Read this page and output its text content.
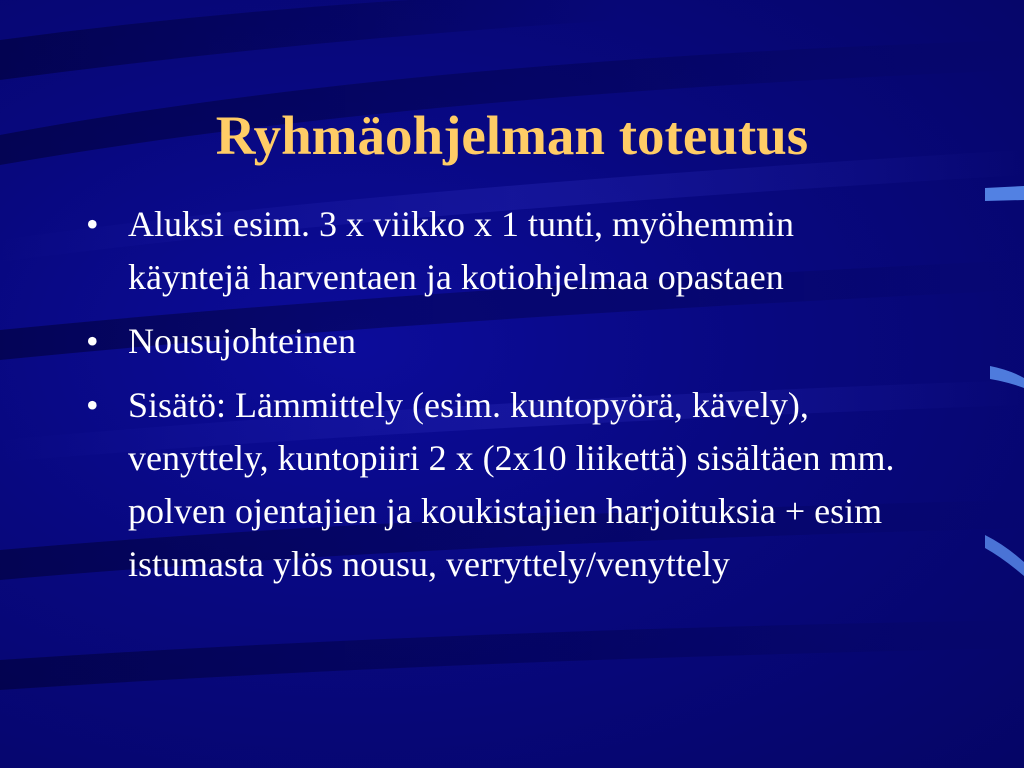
Ryhmäohjelman toteutus
• Aluksi esim. 3 x viikko x 1 tunti, myöhemmin käyntejä harventaen ja kotiohjelmaa opastaen
• Nousujohteinen
• Sisätö: Lämmittely (esim. kuntopyörä, kävely), venyttely, kuntopiiri 2 x (2x10 liikettä) sisältäen mm. polven ojentajien ja koukistajien harjoituksia + esim istumasta ylös nousu, verryttely/venyttely
